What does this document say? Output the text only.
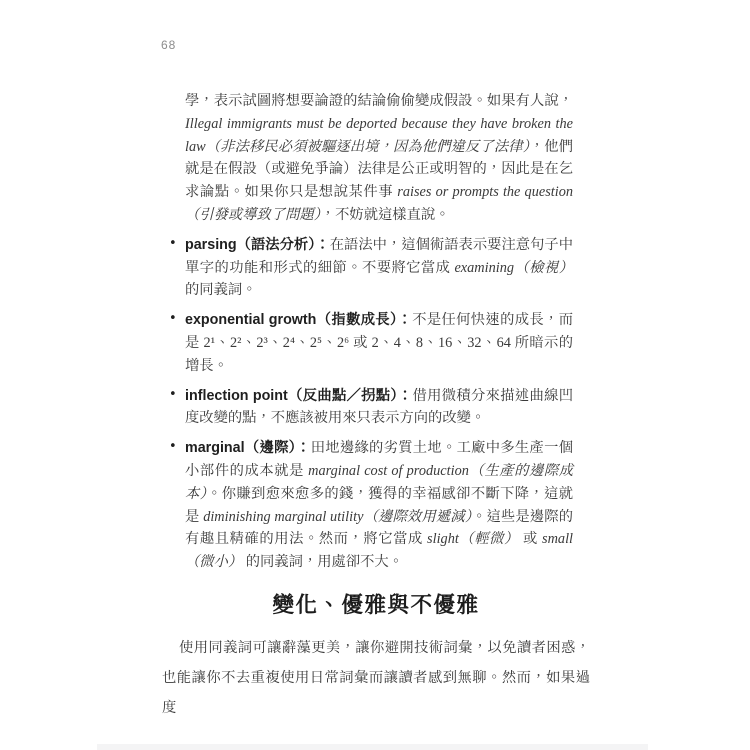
68

學，表示試圖將想要論證的結論偷偷變成假設。如果有人說，Illegal immigrants must be deported because they have broken the law（非法移民必須被驅逐出境，因為他們違反了法律），他們就是在假設（或避免爭論）法律是公正或明智的，因此是在乞求論點。如果你只是想說某件事 raises or prompts the question（引發或導致了問題），不妨就這樣直說。

• parsing（語法分析）：在語法中，這個術語表示要注意句子中單字的功能和形式的細節。不要將它當成 examining（檢視） 的同義詞。
• exponential growth（指數成長）：不是任何快速的成長，而是 2¹、2²、2³、2⁴、2⁵、2⁶ 或 2、4、8、16、32、64 所暗示的增長。
• inflection point（反曲點／拐點）：借用微積分來描述曲線凹度改變的點，不應該被用來只表示方向的改變。
• marginal（邊際）：田地邊緣的劣質土地。工廠中多生產一個小部件的成本就是 marginal cost of production（生產的邊際成本）。你賺到愈來愈多的錢，獲得的幸福感卻不斷下降，這就是 diminishing marginal utility（邊際效用遞減）。這些是邊際的有趣且精確的用法。然而，將它當成 slight（輕微） 或 small（微小） 的同義詞，用處卻不大。
變化、優雅與不優雅

使用同義詞可讓辭藻更美，讓你避開技術詞彙，以免讀者困惑，也能讓你不去重複使用日常詞彙而讓讀者感到無聊。然而，如果過度
